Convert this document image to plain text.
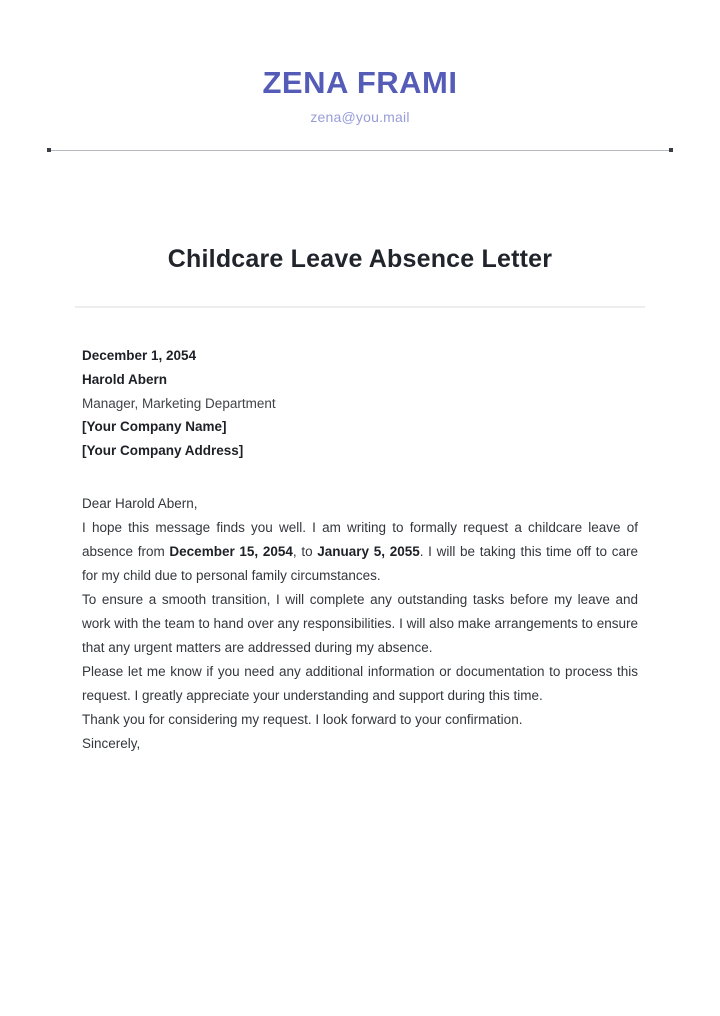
ZENA FRAMI
zena@you.mail
Childcare Leave Absence Letter

December 1, 2054

Harold Abern

Manager, Marketing Department

[Your Company Name]

[Your Company Address]

Dear Harold Abern,

I hope this message finds you well. I am writing to formally request a childcare leave of absence from December 15, 2054, to January 5, 2055. I will be taking this time off to care for my child due to personal family circumstances.

To ensure a smooth transition, I will complete any outstanding tasks before my leave and work with the team to hand over any responsibilities. I will also make arrangements to ensure that any urgent matters are addressed during my absence.

Please let me know if you need any additional information or documentation to process this request. I greatly appreciate your understanding and support during this time.

Thank you for considering my request. I look forward to your confirmation.

Sincerely,
